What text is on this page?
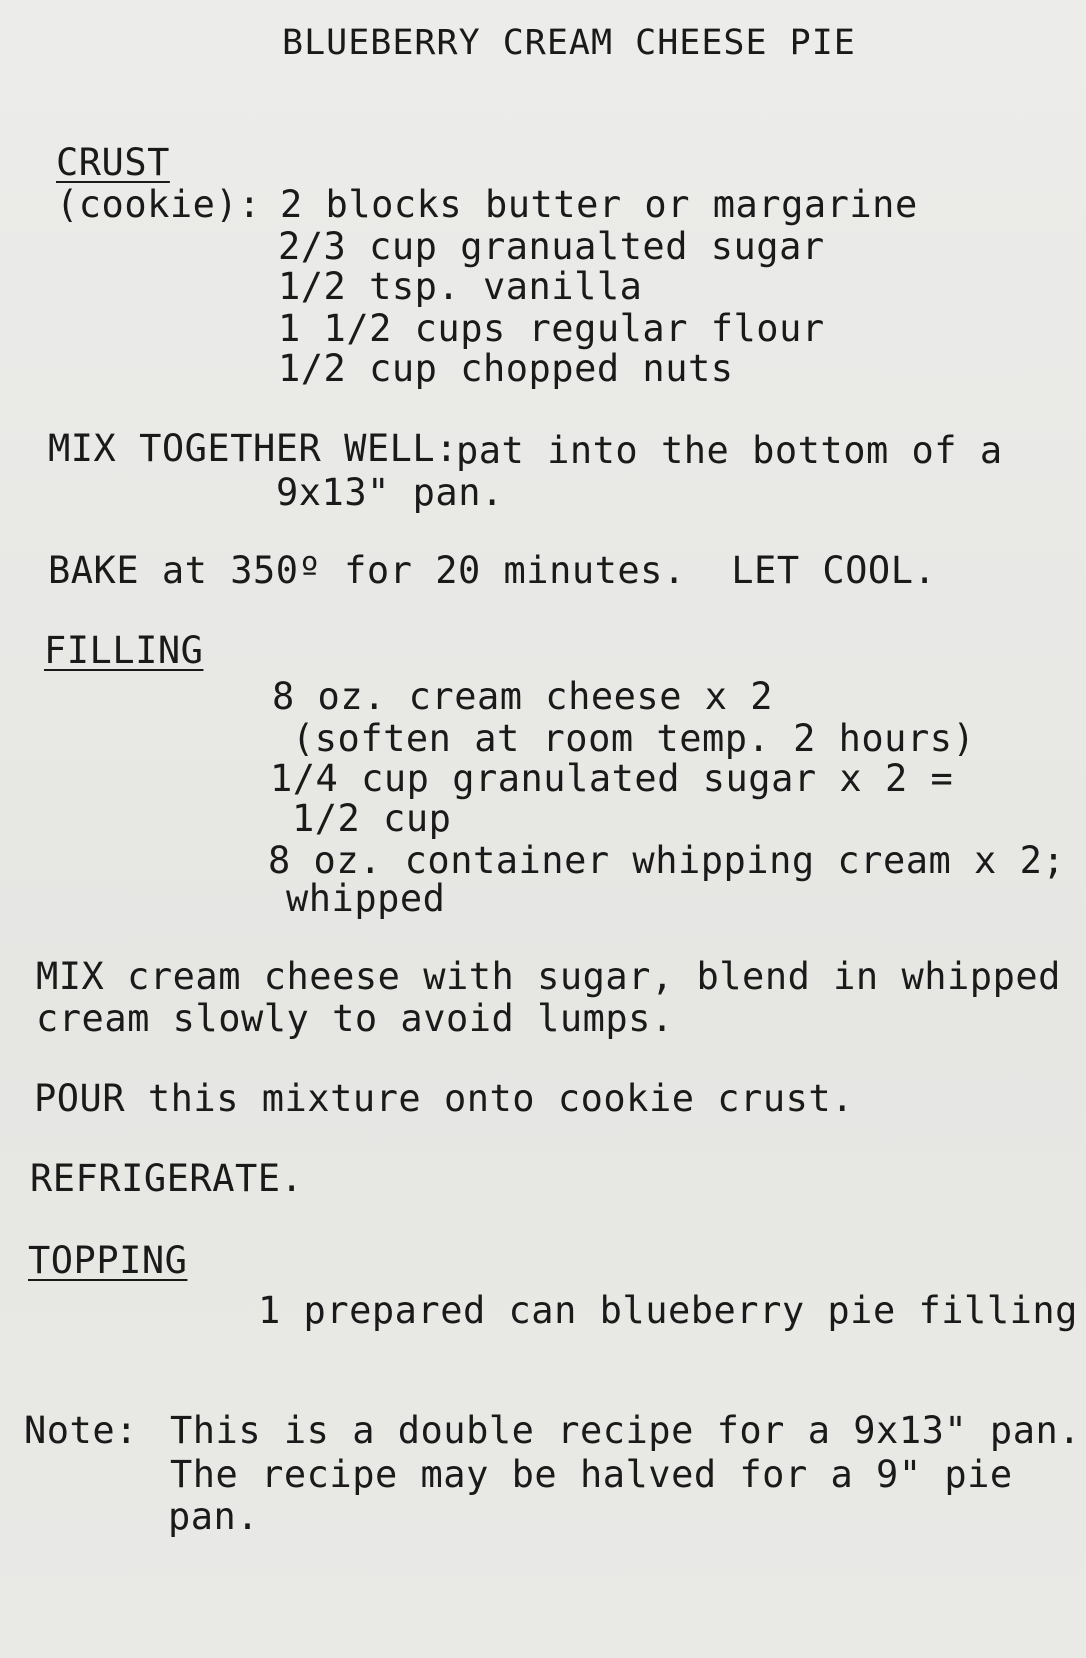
BLUEBERRY CREAM CHEESE PIE
CRUST
(cookie): 2 blocks butter or margarine
2/3 cup granualted sugar
1/2 tsp. vanilla
1 1/2 cups regular flour
1/2 cup chopped nuts
MIX TOGETHER WELL:
pat into the bottom of a
9x13" pan.
BAKE at 350º for 20 minutes.  LET COOL.
FILLING
8 oz. cream cheese x 2
(soften at room temp. 2 hours)
1/4 cup granulated sugar x 2 =
1/2 cup
8 oz. container whipping cream x 2;
whipped
MIX cream cheese with sugar, blend in whipped
cream slowly to avoid lumps.
POUR this mixture onto cookie crust.
REFRIGERATE.
TOPPING
1 prepared can blueberry pie filling
Note: This is a double recipe for a 9x13" pan.
The recipe may be halved for a 9" pie
pan.
